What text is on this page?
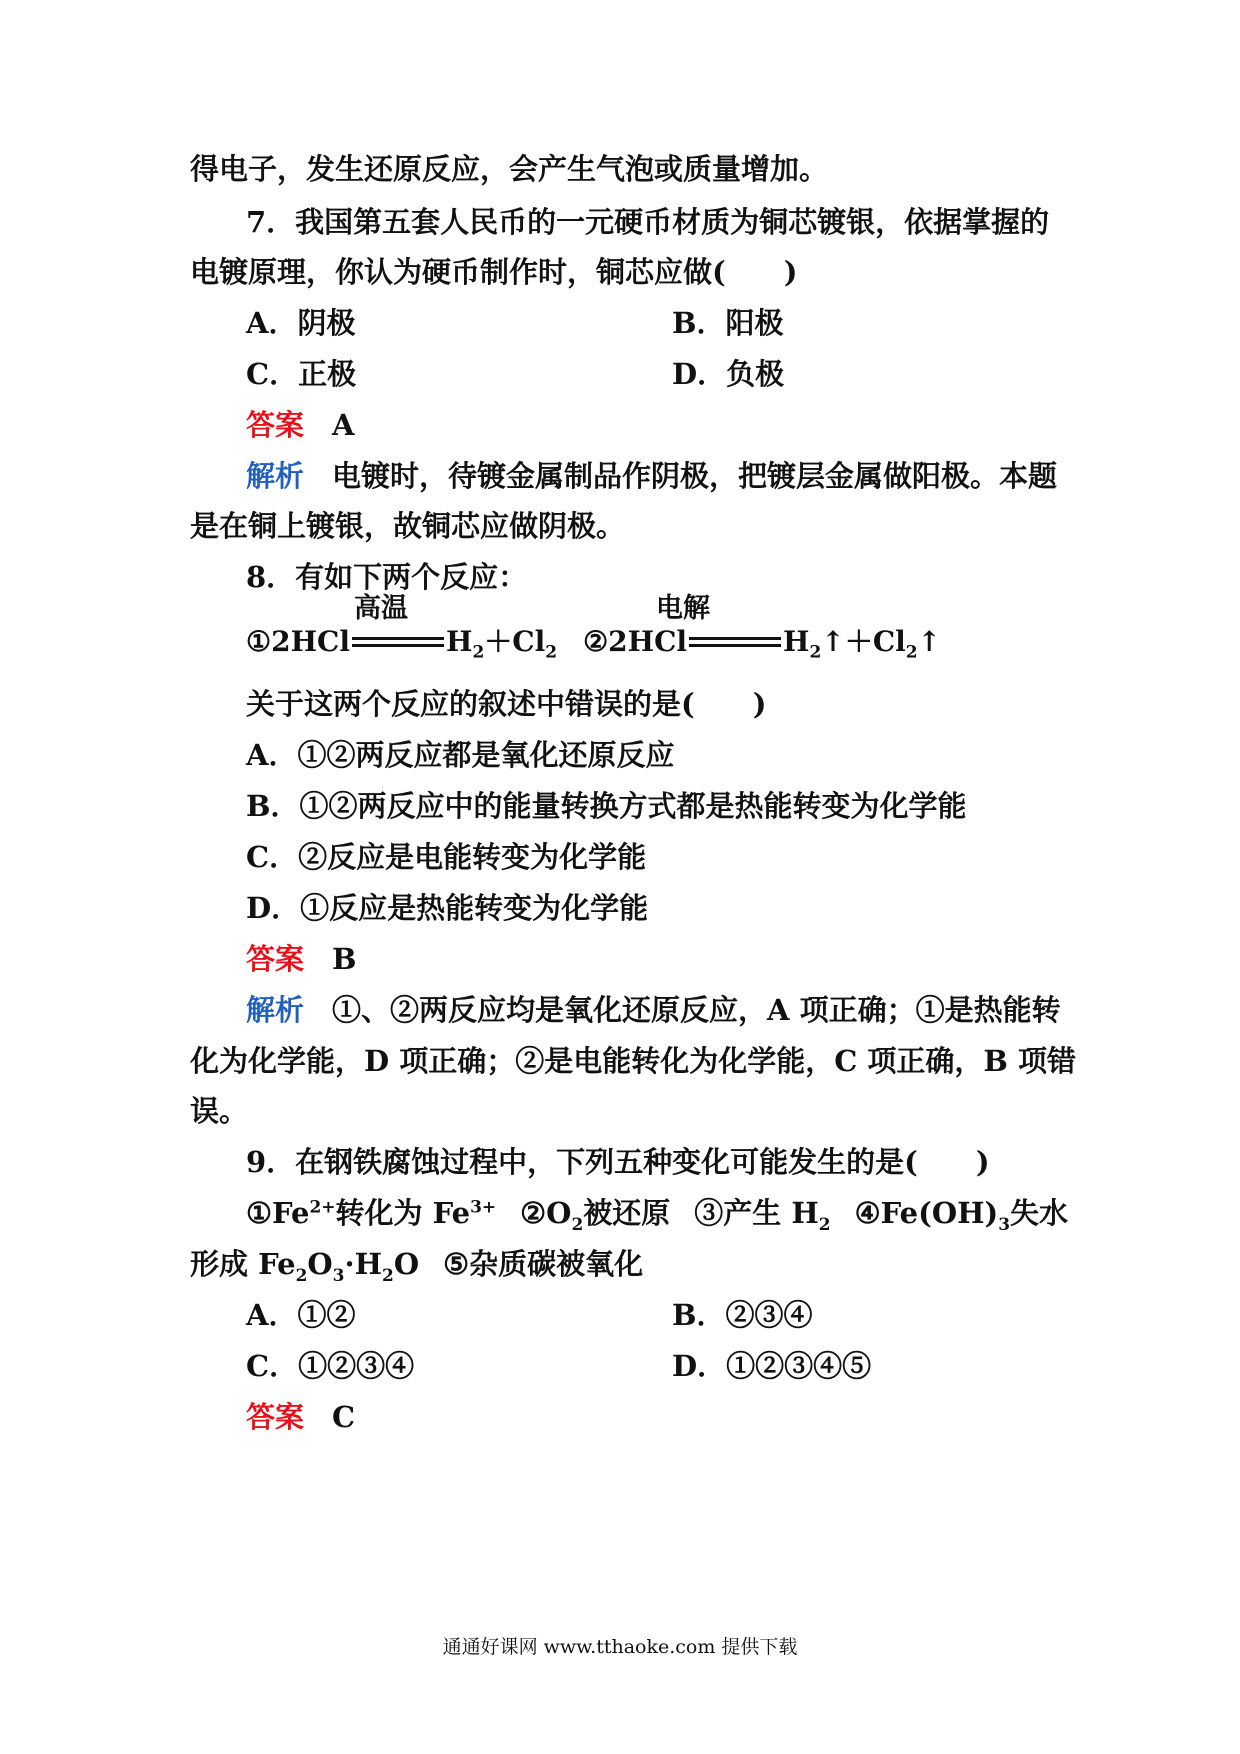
得电子，发生还原反应，会产生气泡或质量增加。
7．我国第五套人民币的一元硬币材质为铜芯镀银，依据掌握的
电镀原理，你认为硬币制作时，铜芯应做(　　)
A．阴极	B．阳极
C．正极	D．负极
答案 A
解析 电镀时，待镀金属制品作阴极，把镀层金属做阳极。本题
是在铜上镀银，故铜芯应做阴极。
8．有如下两个反应：
高温	电解
①2HCl	$H_2+Cl_2$ ②2HCl	$H_2↑+Cl_2↑$
关于这两个反应的叙述中错误的是(　　)
A．①②两反应都是氧化还原反应
B．①②两反应中的能量转换方式都是热能转变为化学能
C．②反应是电能转变为化学能
D．①反应是热能转变为化学能
答案 B
解析 ①、②两反应均是氧化还原反应，A 项正确；①是热能转
化为化学能，D 项正确；②是电能转化为化学能，C 项正确，B 项错
误。
9．在钢铁腐蚀过程中，下列五种变化可能发生的是(　　)
$①Fe^{2+}$转化为 $Fe^{3+}$ $②O_2$被还原 ③产生 $H_2$ $④Fe(OH)_3$失水
形成 $Fe_2O_3\cdot H_2O$ ⑤杂质碳被氧化
A．①②	B．②③④
C．①②③④	D．①②③④⑤
答案 C
通通好课网 www.tthaoke.com 提供下载
